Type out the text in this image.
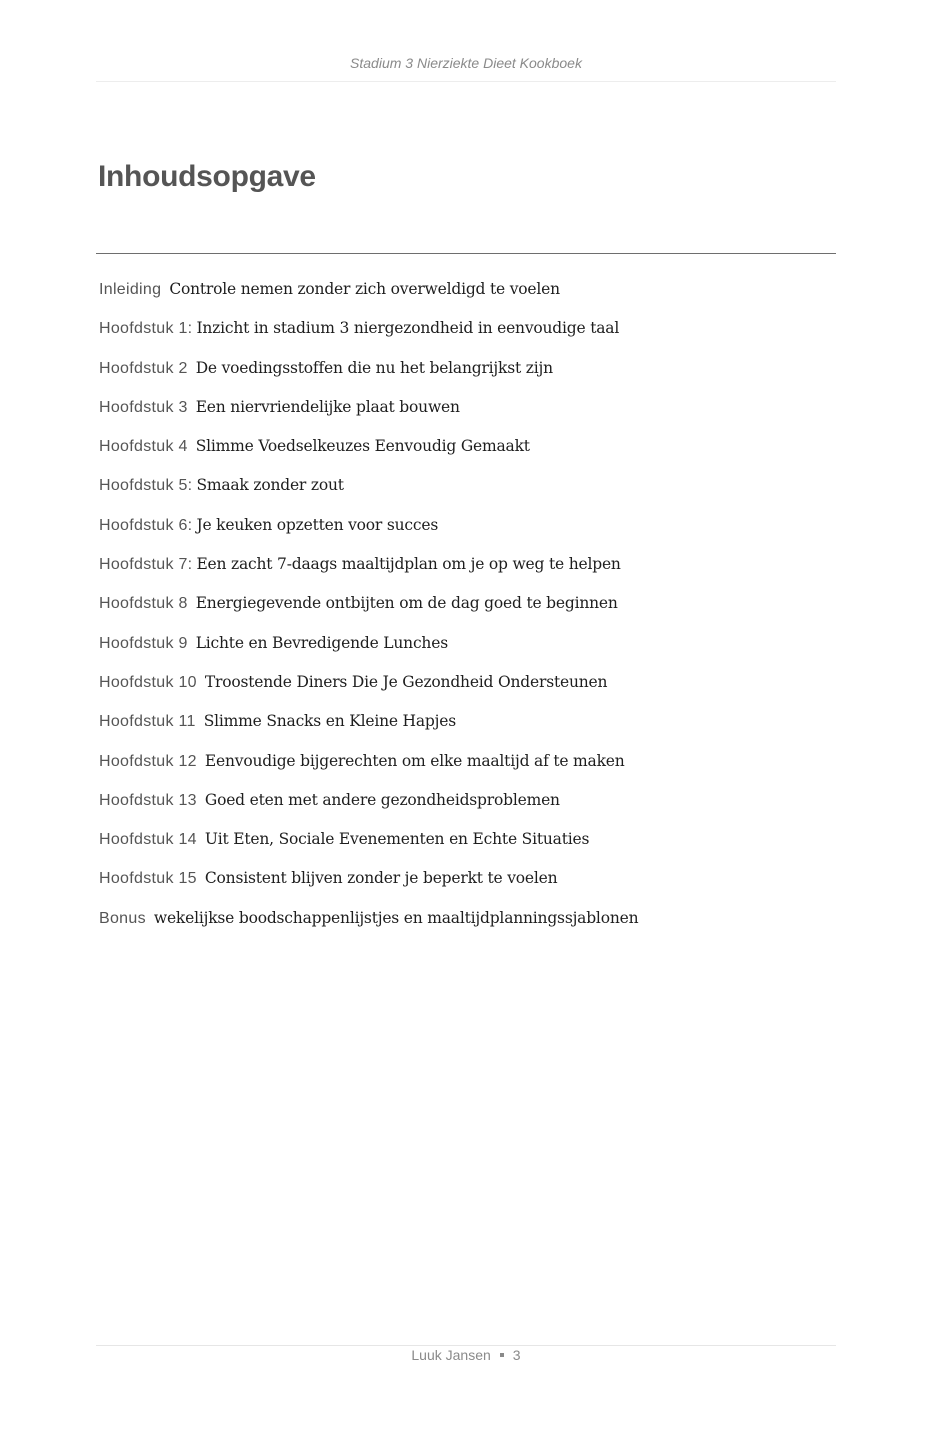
Stadium 3 Nierziekte Dieet Kookboek
Inhoudsopgave
Inleiding Controle nemen zonder zich overweldigd te voelen
Hoofdstuk 1: Inzicht in stadium 3 niergezondheid in eenvoudige taal
Hoofdstuk 2 De voedingsstoffen die nu het belangrijkst zijn
Hoofdstuk 3 Een niervriendelijke plaat bouwen
Hoofdstuk 4 Slimme Voedselkeuzes Eenvoudig Gemaakt
Hoofdstuk 5: Smaak zonder zout
Hoofdstuk 6: Je keuken opzetten voor succes
Hoofdstuk 7: Een zacht 7-daags maaltijdplan om je op weg te helpen
Hoofdstuk 8 Energiegevende ontbijten om de dag goed te beginnen
Hoofdstuk 9 Lichte en Bevredigende Lunches
Hoofdstuk 10 Troostende Diners Die Je Gezondheid Ondersteunen
Hoofdstuk 11 Slimme Snacks en Kleine Hapjes
Hoofdstuk 12 Eenvoudige bijgerechten om elke maaltijd af te maken
Hoofdstuk 13 Goed eten met andere gezondheidsproblemen
Hoofdstuk 14 Uit Eten, Sociale Evenementen en Echte Situaties
Hoofdstuk 15 Consistent blijven zonder je beperkt te voelen
Bonus wekelijkse boodschappenlijstjes en maaltijdplanningssjablonen
Luuk Jansen 3
